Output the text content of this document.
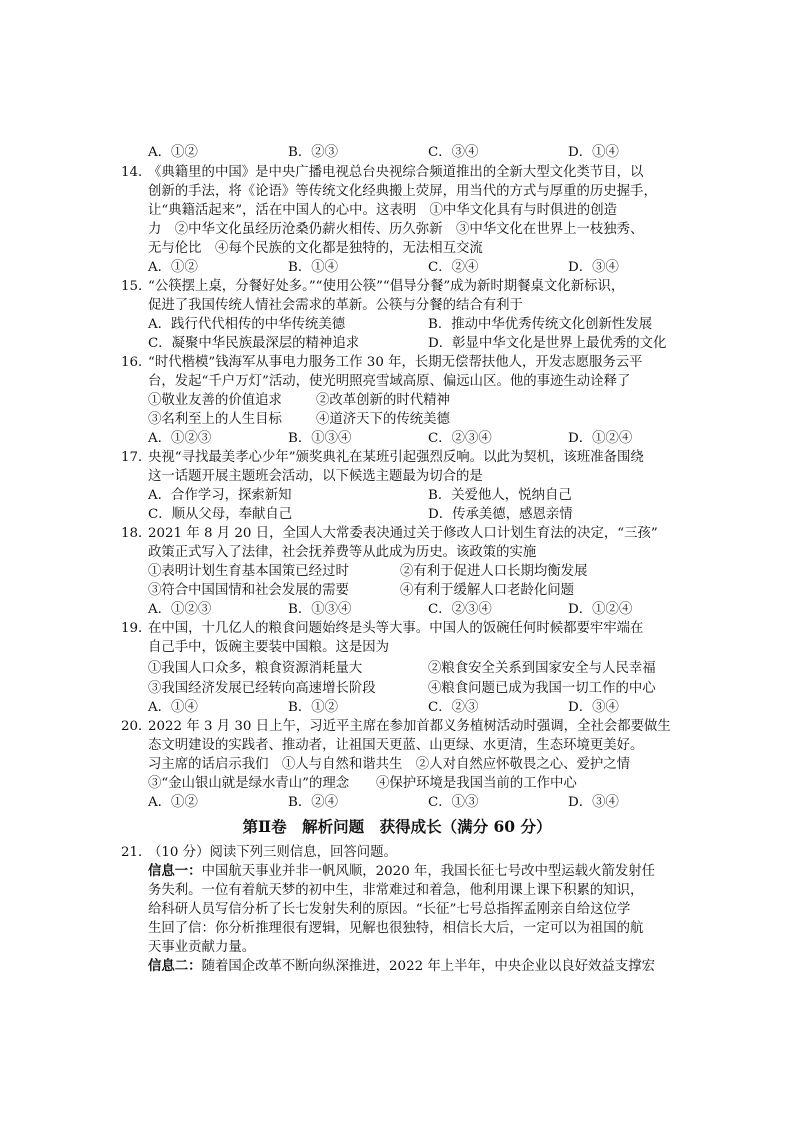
A．①②	B．②③	C．③④	D．①④
14．
《典籍里的中国》是中央广播电视总台央视综合频道推出的全新大型文化类节目，以
创新的手法，将《论语》等传统文化经典搬上荧屏，用当代的方式与厚重的历史握手，
让“典籍活起来”，活在中国人的心中。这表明　①中华文化具有与时俱进的创造
力　②中华文化虽经历沧桑仍薪火相传、历久弥新　③中华文化在世界上一枝独秀、
无与伦比　④每个民族的文化都是独特的，无法相互交流
A．①②	B．①④	C．②④	D．③④
15．
“公筷摆上桌，分餐好处多。”“使用公筷”“倡导分餐”成为新时期餐桌文化新标识，
促进了我国传统人情社会需求的革新。公筷与分餐的结合有利于
A．践行代代相传的中华传统美德	B．推动中华优秀传统文化创新性发展
C．凝聚中华民族最深层的精神追求	D．彰显中华文化是世界上最优秀的文化
16．
“时代楷模”钱海军从事电力服务工作 30 年，长期无偿帮扶他人，开发志愿服务云平
台，发起“千户万灯”活动，使光明照亮雪域高原、偏远山区。他的事迹生动诠释了
①敬业友善的价值追求	②改革创新的时代精神
③名利至上的人生目标	④道济天下的传统美德
A．①②③	B．①③④	C．②③④	D．①②④
17．
央视“寻找最美孝心少年”颁奖典礼在某班引起强烈反响。以此为契机，该班准备围绕
这一话题开展主题班会活动，以下候选主题最为切合的是
A．合作学习，探索新知	B．关爱他人，悦纳自己
C．顺从父母，奉献自己	D．传承美德，感恩亲情
18．
2021 年 8 月 20 日，全国人大常委表决通过关于修改人口计划生育法的决定，“三孩”
政策正式写入了法律，社会抚养费等从此成为历史。该政策的实施
①表明计划生育基本国策已经过时	②有利于促进人口长期均衡发展
③符合中国国情和社会发展的需要	④有利于缓解人口老龄化问题
A．①②③	B．①③④	C．②③④	D．①②④
19．
在中国，十几亿人的粮食问题始终是头等大事。中国人的饭碗任何时候都要牢牢端在
自己手中，饭碗主要装中国粮。这是因为
①我国人口众多，粮食资源消耗量大	②粮食安全关系到国家安全与人民幸福
③我国经济发展已经转向高速增长阶段	④粮食问题已成为我国一切工作的中心
A．①④	B．①②	C．②③	D．③④
20．
2022 年 3 月 30 日上午，习近平主席在参加首都义务植树活动时强调，全社会都要做生
态文明建设的实践者、推动者，让祖国天更蓝、山更绿、水更清，生态环境更美好。
习主席的话启示我们　①人与自然和谐共生　②人对自然应怀敬畏之心、爱护之情
③“金山银山就是绿水青山”的理念　　④保护环境是我国当前的工作中心
A．①②	B．②④	C．①③	D．③④
第Ⅱ卷　解析问题　获得成长（满分 60 分）
21．
（10 分）阅读下列三则信息，回答问题。
信息一：中国航天事业并非一帆风顺，2020 年，我国长征七号改中型运载火箭发射任
务失利。一位有着航天梦的初中生，非常难过和着急，他利用课上课下积累的知识，
给科研人员写信分析了长七发射失利的原因。“长征”七号总指挥孟刚亲自给这位学
生回了信：你分析推理很有逻辑，见解也很独特，相信长大后，一定可以为祖国的航
天事业贡献力量。
信息二：随着国企改革不断向纵深推进，2022 年上半年，中央企业以良好效益支撑宏
